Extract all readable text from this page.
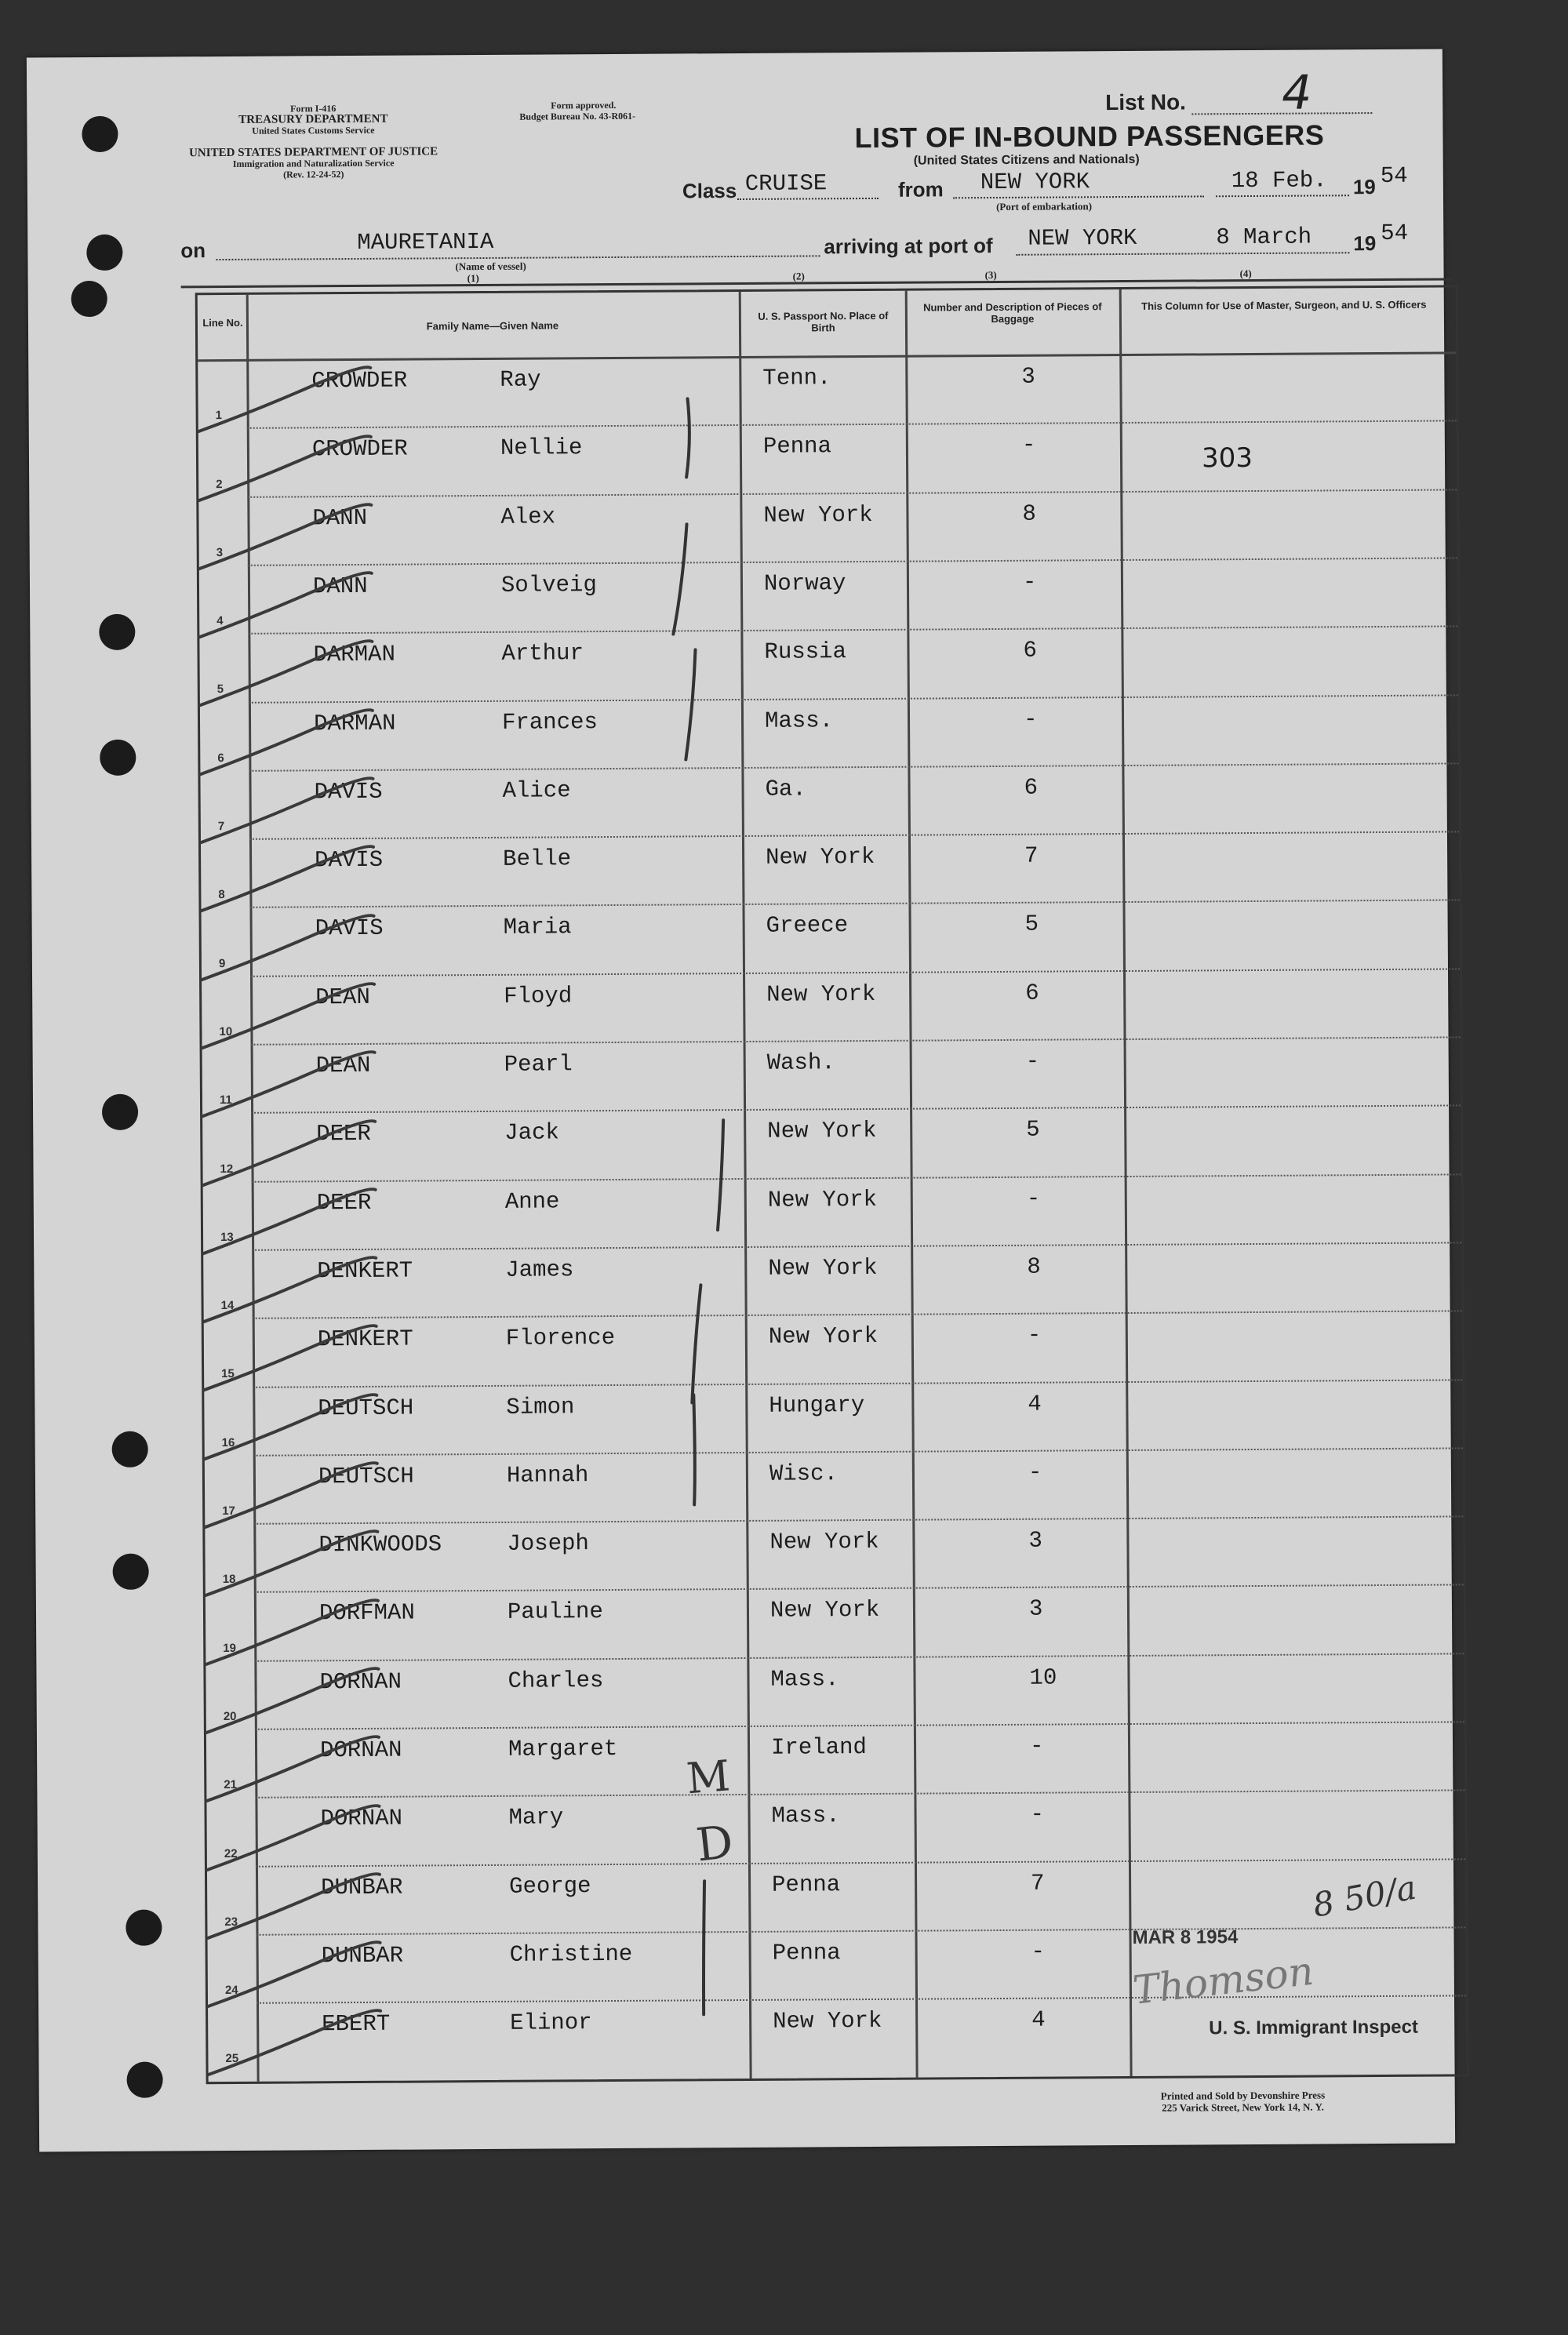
Form I-416
TREASURY DEPARTMENT
United States Customs Service
UNITED STATES DEPARTMENT OF JUSTICE
Immigration and Naturalization Service
(Rev. 12-24-52)
Form approved.
Budget Bureau No. 43-R061-
List No. 4
LIST OF IN-BOUND PASSENGERS
(United States Citizens and Nationals)
Class CRUISE	from NEW YORK
(Port of embarkation)
18 Feb. 19 54
on	MAURETANIA
(Name of vessel)
arriving at port of NEW YORK	8 March 19 54
(1)	(2)	(3)	(4)
Line No.	Family Name—Given Name
U. S. Passport No. Place of Birth
Number and Description of Pieces of Baggage
This Column for Use of Master, Surgeon, and U. S. Officers
1
CROWDER	Ray	Tenn.	3
2
CROWDER	Nellie	Penna	-
3
DANN	Alex	New York	8
4
DANN	Solveig	Norway	-
5
DARMAN	Arthur	Russia	6
6
DARMAN	Frances	Mass.	-
7
DAVIS	Alice	Ga.	6
8
DAVIS	Belle	New York	7
9
DAVIS	Maria	Greece	5
10
DEAN	Floyd	New York	6
11
DEAN	Pearl	Wash.	-
12
DEER	Jack	New York	5
13
DEER	Anne	New York	-
14
DENKERT	James	New York	8
15
DENKERT	Florence	New York	-
16
DEUTSCH	Simon	Hungary	4
17
DEUTSCH	Hannah	Wisc.	-
18
DINKWOODS	Joseph	New York	3
19
DORFMAN	Pauline	New York	3
20
DORNAN	Charles	Mass.	10
21
DORNAN	Margaret	Ireland	-
22
DORNAN	Mary	Mass.	-
23
DUNBAR	George	Penna	7
24
DUNBAR	Christine	Penna	-
25
EBERT	Elinor	New York	4
303
MAR 8 1954
Thomson
U. S. Immigrant Inspect
M
D
8 50/a
Printed and Sold by Devonshire Press
225 Varick Street, New York 14, N. Y.
